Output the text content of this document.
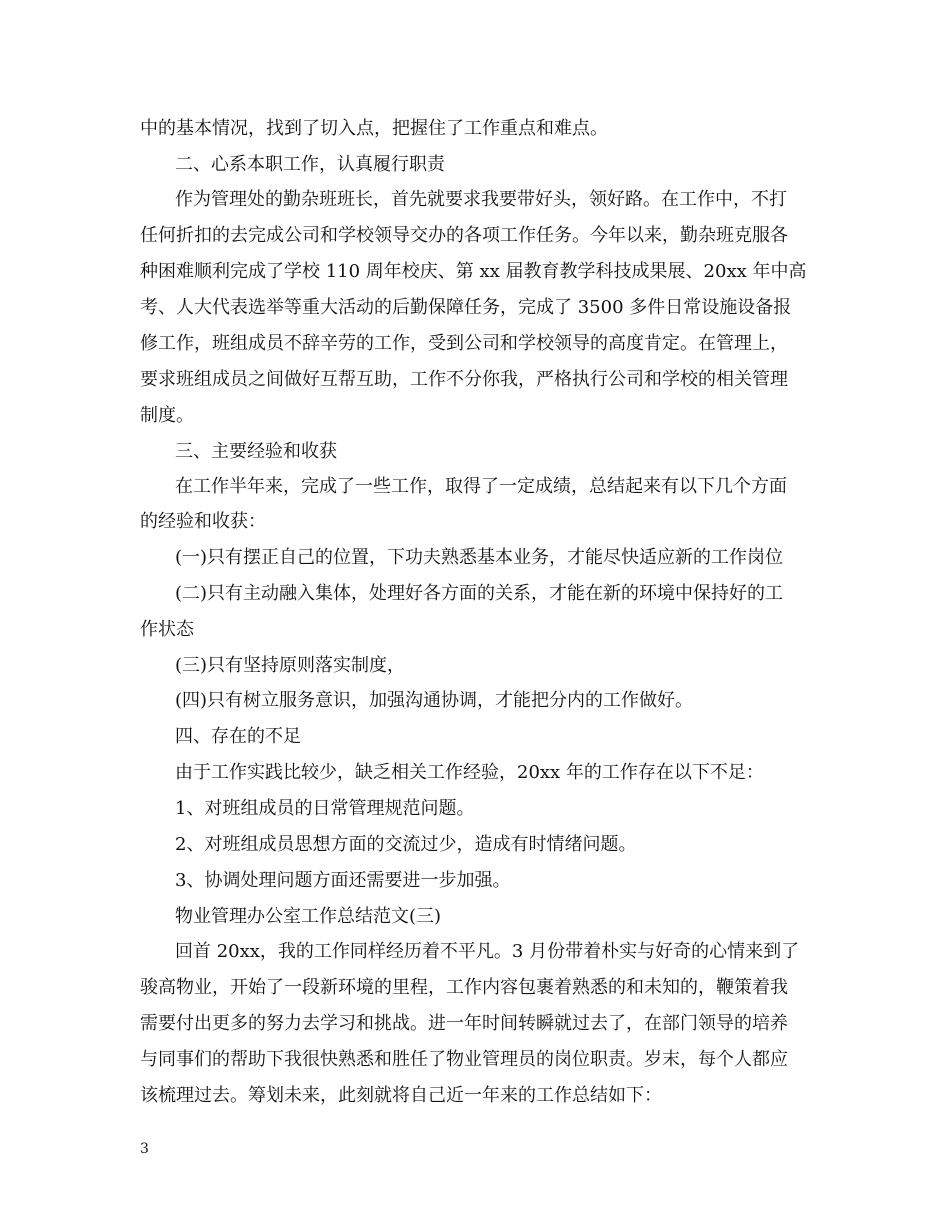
中的基本情况，找到了切入点，把握住了工作重点和难点。
二、心系本职工作，认真履行职责
作为管理处的勤杂班班长，首先就要求我要带好头，领好路。在工作中，不打
任何折扣的去完成公司和学校领导交办的各项工作任务。今年以来，勤杂班克服各
种困难顺利完成了学校 110 周年校庆、第 xx 届教育教学科技成果展、20xx 年中高
考、人大代表选举等重大活动的后勤保障任务，完成了 3500 多件日常设施设备报
修工作，班组成员不辞辛劳的工作，受到公司和学校领导的高度肯定。在管理上，
要求班组成员之间做好互帮互助，工作不分你我，严格执行公司和学校的相关管理
制度。
三、主要经验和收获
在工作半年来，完成了一些工作，取得了一定成绩，总结起来有以下几个方面
的经验和收获：
(一)只有摆正自己的位置，下功夫熟悉基本业务，才能尽快适应新的工作岗位
(二)只有主动融入集体，处理好各方面的关系，才能在新的环境中保持好的工
作状态
(三)只有坚持原则落实制度，
(四)只有树立服务意识，加强沟通协调，才能把分内的工作做好。
四、存在的不足
由于工作实践比较少，缺乏相关工作经验，20xx 年的工作存在以下不足：
1、对班组成员的日常管理规范问题。
2、对班组成员思想方面的交流过少，造成有时情绪问题。
3、协调处理问题方面还需要进一步加强。
物业管理办公室工作总结范文(三)
回首 20xx，我的工作同样经历着不平凡。3 月份带着朴实与好奇的心情来到了
骏高物业，开始了一段新环境的里程，工作内容包裹着熟悉的和未知的，鞭策着我
需要付出更多的努力去学习和挑战。进一年时间转瞬就过去了，在部门领导的培养
与同事们的帮助下我很快熟悉和胜任了物业管理员的岗位职责。岁末，每个人都应
该梳理过去。筹划未来，此刻就将自己近一年来的工作总结如下：
3
